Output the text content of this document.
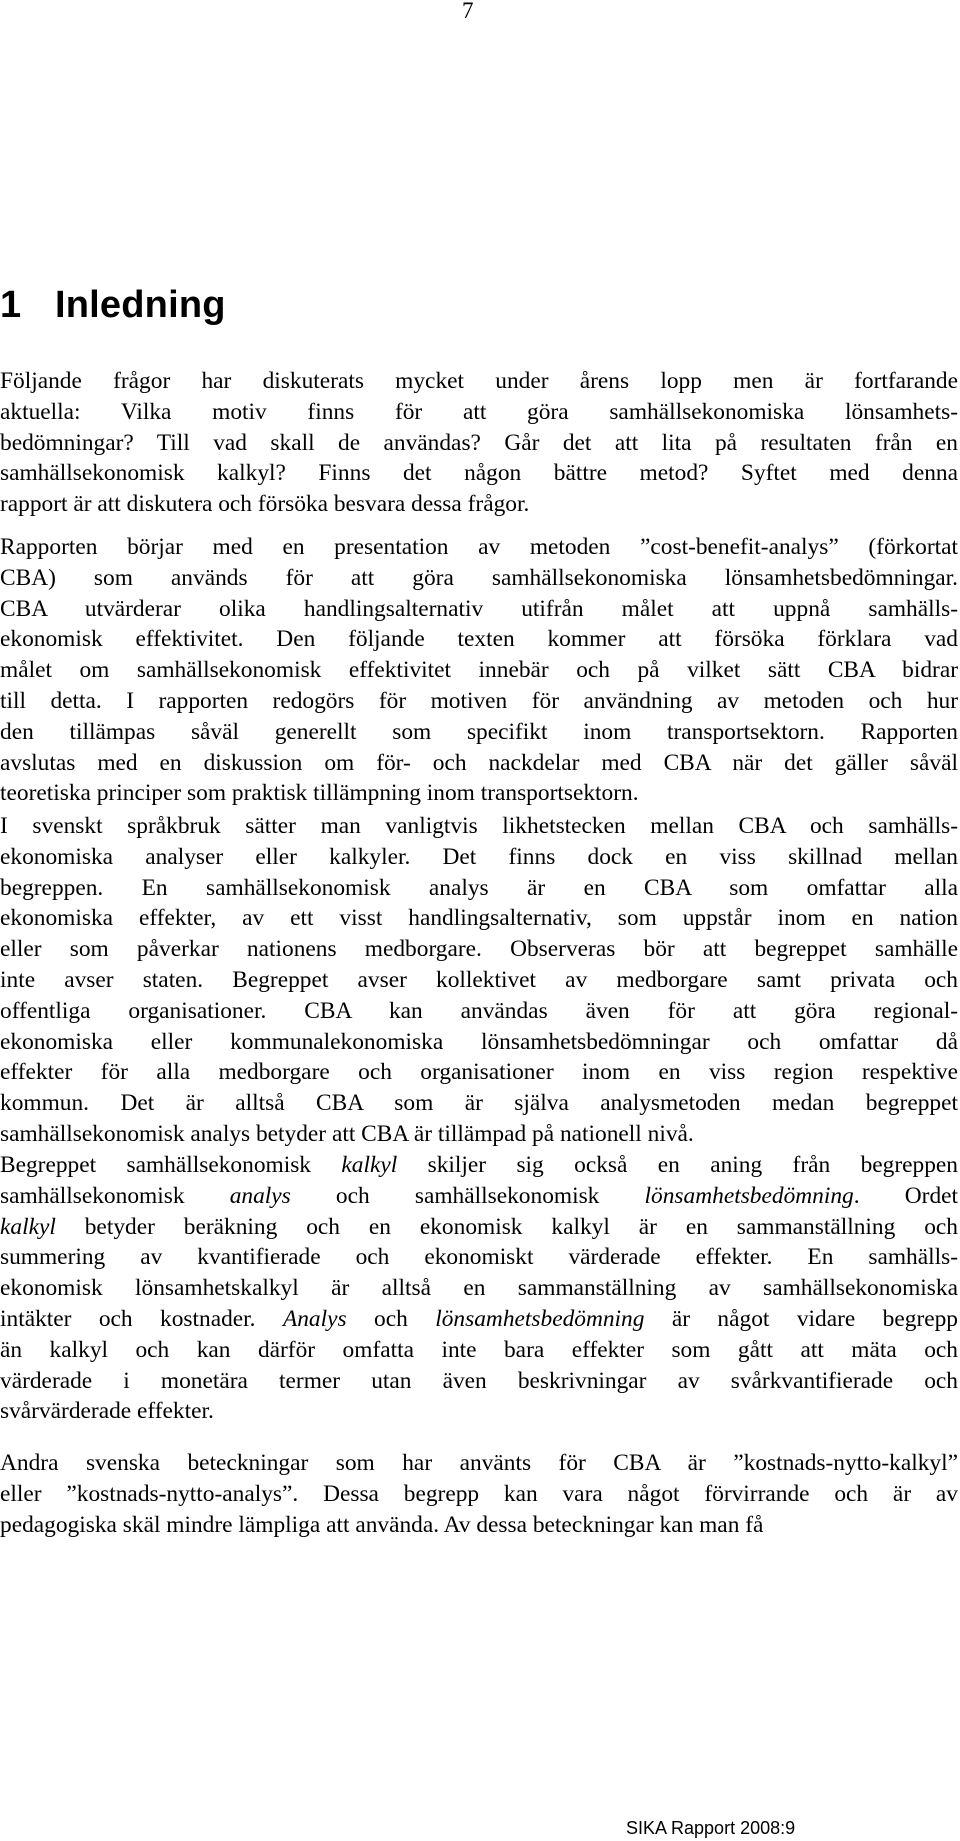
7
1 Inledning
Följande frågor har diskuterats mycket under årens lopp men är fortfarande
aktuella: Vilka motiv finns för att göra samhällsekonomiska lönsamhets-
bedömningar? Till vad skall de användas? Går det att lita på resultaten från en
samhällsekonomisk kalkyl? Finns det någon bättre metod? Syftet med denna
rapport är att diskutera och försöka besvara dessa frågor.
Rapporten börjar med en presentation av metoden ”cost-benefit-analys” (förkortat
CBA) som används för att göra samhällsekonomiska lönsamhetsbedömningar.
CBA utvärderar olika handlingsalternativ utifrån målet att uppnå samhälls-
ekonomisk effektivitet. Den följande texten kommer att försöka förklara vad
målet om samhällsekonomisk effektivitet innebär och på vilket sätt CBA bidrar
till detta. I rapporten redogörs för motiven för användning av metoden och hur
den tillämpas såväl generellt som specifikt inom transportsektorn. Rapporten
avslutas med en diskussion om för- och nackdelar med CBA när det gäller såväl
teoretiska principer som praktisk tillämpning inom transportsektorn.
I svenskt språkbruk sätter man vanligtvis likhetstecken mellan CBA och samhälls-
ekonomiska analyser eller kalkyler. Det finns dock en viss skillnad mellan
begreppen. En samhällsekonomisk analys är en CBA som omfattar alla
ekonomiska effekter, av ett visst handlingsalternativ, som uppstår inom en nation
eller som påverkar nationens medborgare. Observeras bör att begreppet samhälle
inte avser staten. Begreppet avser kollektivet av medborgare samt privata och
offentliga organisationer. CBA kan användas även för att göra regional-
ekonomiska eller kommunalekonomiska lönsamhetsbedömningar och omfattar då
effekter för alla medborgare och organisationer inom en viss region respektive
kommun. Det är alltså CBA som är själva analysmetoden medan begreppet
samhällsekonomisk analys betyder att CBA är tillämpad på nationell nivå.
Begreppet samhällsekonomisk kalkyl skiljer sig också en aning från begreppen
samhällsekonomisk analys och samhällsekonomisk lönsamhetsbedömning. Ordet
kalkyl betyder beräkning och en ekonomisk kalkyl är en sammanställning och
summering av kvantifierade och ekonomiskt värderade effekter. En samhälls-
ekonomisk lönsamhetskalkyl är alltså en sammanställning av samhällsekonomiska
intäkter och kostnader. Analys och lönsamhetsbedömning är något vidare begrepp
än kalkyl och kan därför omfatta inte bara effekter som gått att mäta och
värderade i monetära termer utan även beskrivningar av svårkvantifierade och
svårvärderade effekter.
Andra svenska beteckningar som har använts för CBA är ”kostnads-nytto-kalkyl”
eller ”kostnads-nytto-analys”. Dessa begrepp kan vara något förvirrande och är av
pedagogiska skäl mindre lämpliga att använda. Av dessa beteckningar kan man få
SIKA Rapport 2008:9
